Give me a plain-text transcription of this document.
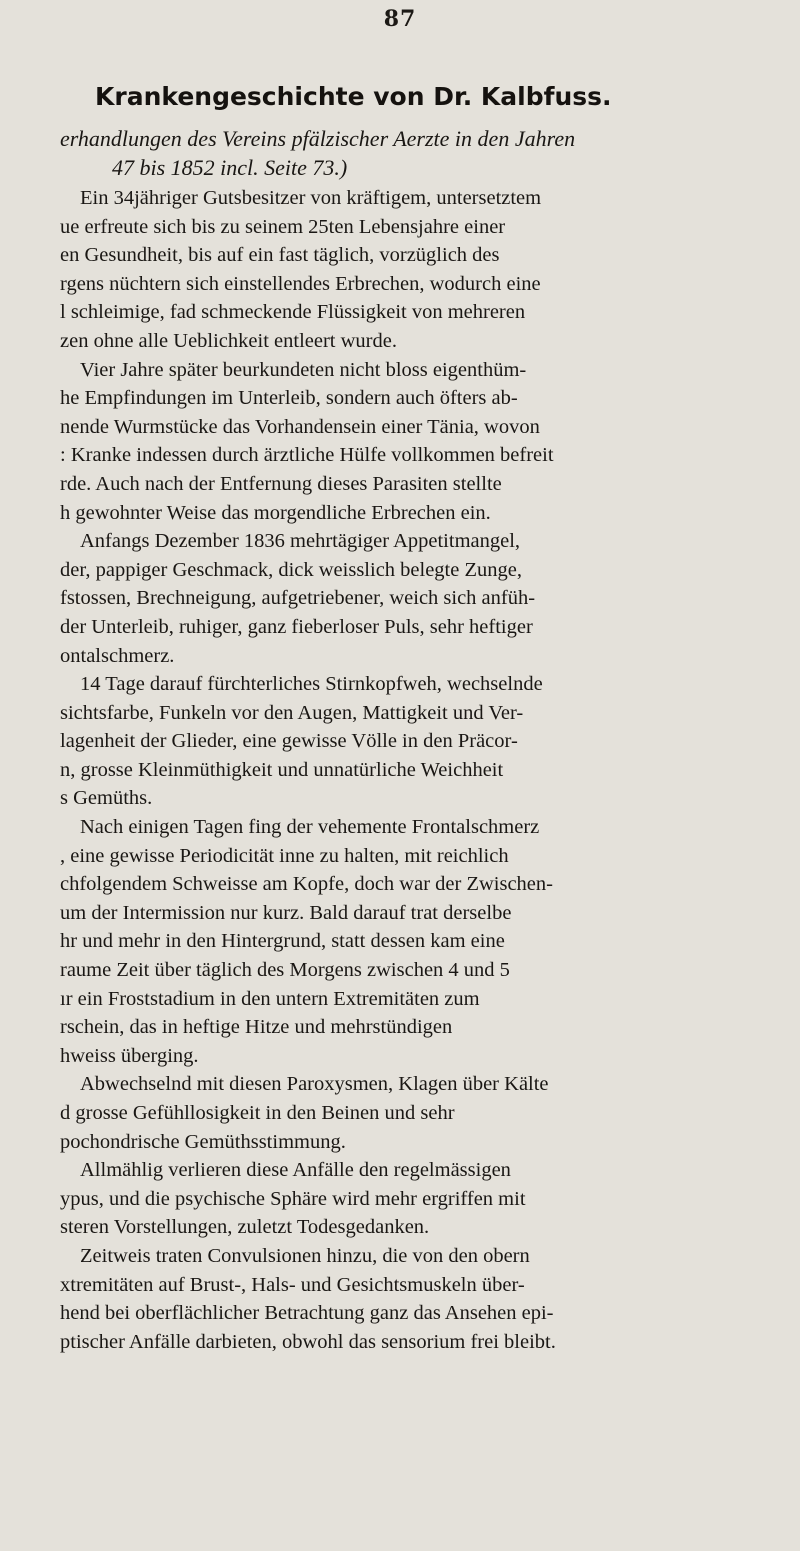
87
Krankengeschichte von Dr. Kalbfuss.
erhandlungen des Vereins pfälzischer Aerzte in den Jahren
47 bis 1852 incl. Seite 73.)
Ein 34jähriger Gutsbesitzer von kräftigem, untersetztem
ue erfreute sich bis zu seinem 25ten Lebensjahre einer
en Gesundheit, bis auf ein fast täglich, vorzüglich des
rgens nüchtern sich einstellendes Erbrechen, wodurch eine
l schleimige, fad schmeckende Flüssigkeit von mehreren
zen ohne alle Ueblichkeit entleert wurde.
Vier Jahre später beurkundeten nicht bloss eigenthüm-
he Empfindungen im Unterleib, sondern auch öfters ab-
nende Wurmstücke das Vorhandensein einer Tänia, wovon
: Kranke indessen durch ärztliche Hülfe vollkommen befreit
rde. Auch nach der Entfernung dieses Parasiten stellte
h gewohnter Weise das morgendliche Erbrechen ein.
Anfangs Dezember 1836 mehrtägiger Appetitmangel,
der, pappiger Geschmack, dick weisslich belegte Zunge,
fstossen, Brechneigung, aufgetriebener, weich sich anfüh-
der Unterleib, ruhiger, ganz fieberloser Puls, sehr heftiger
ontalschmerz.
14 Tage darauf fürchterliches Stirnkopfweh, wechselnde
sichtsfarbe, Funkeln vor den Augen, Mattigkeit und Ver-
lagenheit der Glieder, eine gewisse Völle in den Präcor-
n, grosse Kleinmüthigkeit und unnatürliche Weichheit
s Gemüths.
Nach einigen Tagen fing der vehemente Frontalschmerz
, eine gewisse Periodicität inne zu halten, mit reichlich
chfolgendem Schweisse am Kopfe, doch war der Zwischen-
um der Intermission nur kurz. Bald darauf trat derselbe
hr und mehr in den Hintergrund, statt dessen kam eine
raume Zeit über täglich des Morgens zwischen 4 und 5
ır ein Froststadium in den untern Extremitäten zum
rschein, das in heftige Hitze und mehrstündigen
hweiss überging.
Abwechselnd mit diesen Paroxysmen, Klagen über Kälte
d grosse Gefühllosigkeit in den Beinen und sehr
pochondrische Gemüthsstimmung.
Allmählig verlieren diese Anfälle den regelmässigen
ypus, und die psychische Sphäre wird mehr ergriffen mit
steren Vorstellungen, zuletzt Todesgedanken.
Zeitweis traten Convulsionen hinzu, die von den obern
xtremitäten auf Brust-, Hals- und Gesichtsmuskeln über-
hend bei oberflächlicher Betrachtung ganz das Ansehen epi-
ptischer Anfälle darbieten, obwohl das sensorium frei bleibt.
